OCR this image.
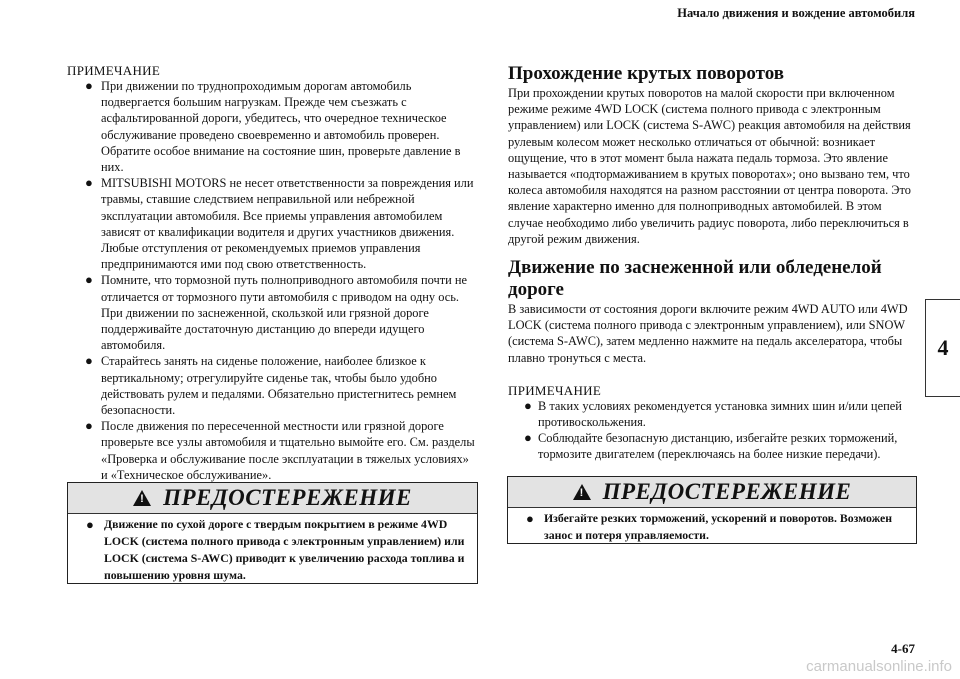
Начало движения и вождение автомобиля
ПРИМЕЧАНИЕ
● При движении по труднопроходимым дорогам автомобиль подвергается большим нагрузкам. Прежде чем съезжать с асфальтированной дороги, убедитесь, что очередное техническое обслуживание проведено своевременно и автомобиль проверен. Обратите особое внимание на состояние шин, проверьте давление в них.
● MITSUBISHI MOTORS не несет ответственности за повреждения или травмы, ставшие следствием неправильной или небрежной эксплуатации автомобиля. Все приемы управления автомобилем зависят от квалификации водителя и других участников движения. Любые отступления от рекомендуемых приемов управления предпринимаются ими под свою ответственность.
● Помните, что тормозной путь полноприводного автомобиля почти не отличается от тормозного пути автомобиля с приводом на одну ось. При движении по заснеженной, скользкой или грязной дороге поддерживайте достаточную дистанцию до впереди идущего автомобиля.
● Старайтесь занять на сиденье положение, наиболее близкое к вертикальному; отрегулируйте сиденье так, чтобы было удобно действовать рулем и педалями. Обязательно пристегнитесь ремнем безопасности.
● После движения по пересеченной местности или грязной дороге проверьте все узлы автомобиля и тщательно вымойте его. См. разделы «Проверка и обслуживание после эксплуатации в тяжелых условиях» и «Техническое обслуживание».
! ПРЕДОСТЕРЕЖЕНИЕ
● Движение по сухой дороге с твердым покрытием в режиме 4WD LOCK (система полного привода с электронным управлением) или LOCK (система S-AWC) приводит к увеличению расхода топлива и повышению уровня шума.
Прохождение крутых поворотов

При прохождении крутых поворотов на малой скорости при включенном режиме режиме 4WD LOCK (система полного привода с электронным управлением) или LOCK (система S-AWC) реакция автомобиля на действия рулевым колесом может несколько отличаться от обычной: возникает ощущение, что в этот момент была нажата педаль тормоза. Это явление называется «подтормаживанием в крутых поворотах»; оно вызвано тем, что колеса автомобиля находятся на разном расстоянии от центра поворота. Это явление характерно именно для полноприводных автомобилей. В этом случае необходимо либо увеличить радиус поворота, либо переключиться в другой режим движения.

Движение по заснеженной или обледенелой дороге

В зависимости от состояния дороги включите режим 4WD AUTO или 4WD LOCK (система полного привода с электронным управлением), или SNOW (система S-AWC), затем медленно нажмите на педаль акселератора, чтобы плавно тронуться с места.

ПРИМЕЧАНИЕ
● В таких условиях рекомендуется установка зимних шин и/или цепей противоскольжения.
● Соблюдайте безопасную дистанцию, избегайте резких торможений, тормозите двигателем (переключаясь на более низкие передачи).
! ПРЕДОСТЕРЕЖЕНИЕ
● Избегайте резких торможений, ускорений и поворотов. Возможен занос и потеря управляемости.
4
4-67
carmanualsonline.info
